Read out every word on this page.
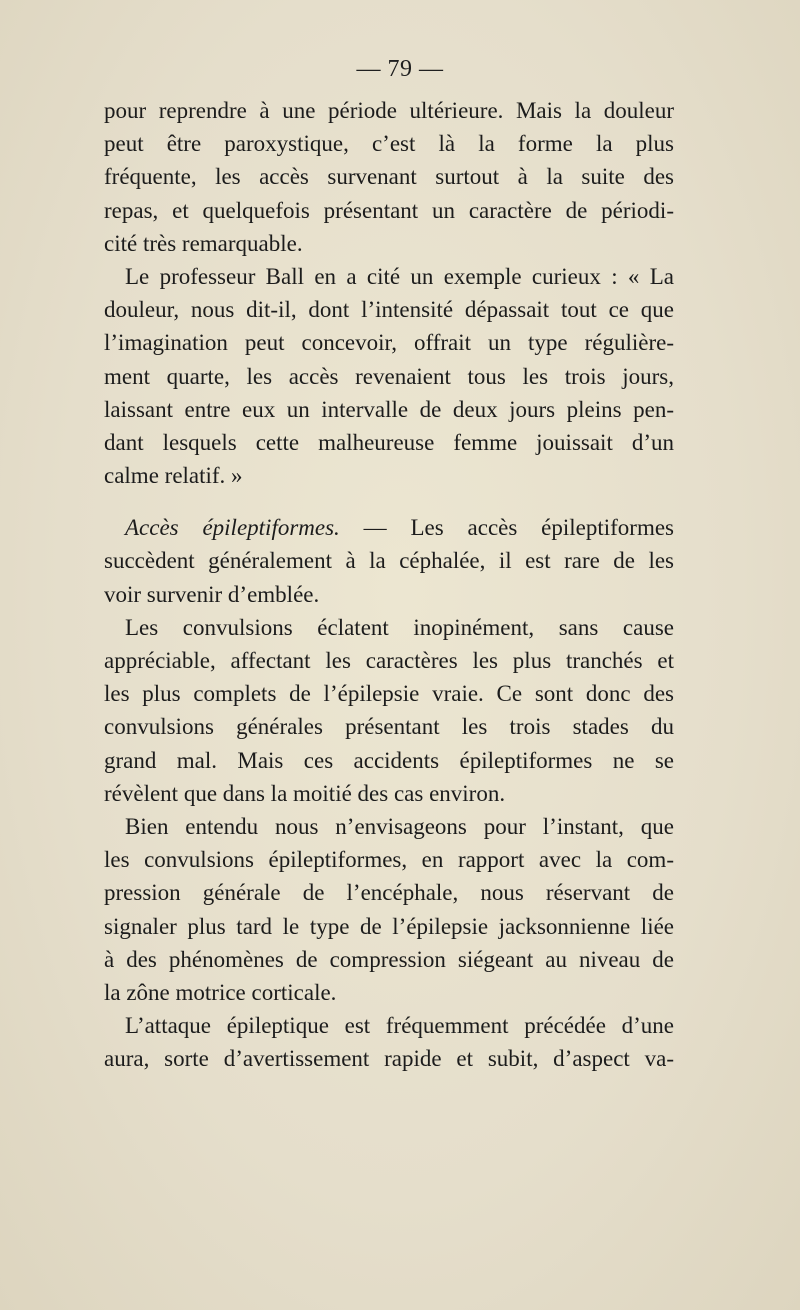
— 79 —
pour reprendre à une période ultérieure. Mais la douleur
peut être paroxystique, c’est là la forme la plus
fréquente, les accès survenant surtout à la suite des
repas, et quelquefois présentant un caractère de périodi-
cité très remarquable.
Le professeur Ball en a cité un exemple curieux : « La
douleur, nous dit-il, dont l’intensité dépassait tout ce que
l’imagination peut concevoir, offrait un type régulière-
ment quarte, les accès revenaient tous les trois jours,
laissant entre eux un intervalle de deux jours pleins pen-
dant lesquels cette malheureuse femme jouissait d’un
calme relatif. »
Accès épileptiformes. — Les accès épileptiformes
succèdent généralement à la céphalée, il est rare de les
voir survenir d’emblée.
Les convulsions éclatent inopinément, sans cause
appréciable, affectant les caractères les plus tranchés et
les plus complets de l’épilepsie vraie. Ce sont donc des
convulsions générales présentant les trois stades du
grand mal. Mais ces accidents épileptiformes ne se
révèlent que dans la moitié des cas environ.
Bien entendu nous n’envisageons pour l’instant, que
les convulsions épileptiformes, en rapport avec la com-
pression générale de l’encéphale, nous réservant de
signaler plus tard le type de l’épilepsie jacksonnienne liée
à des phénomènes de compression siégeant au niveau de
la zône motrice corticale.
L’attaque épileptique est fréquemment précédée d’une
aura, sorte d’avertissement rapide et subit, d’aspect va-
